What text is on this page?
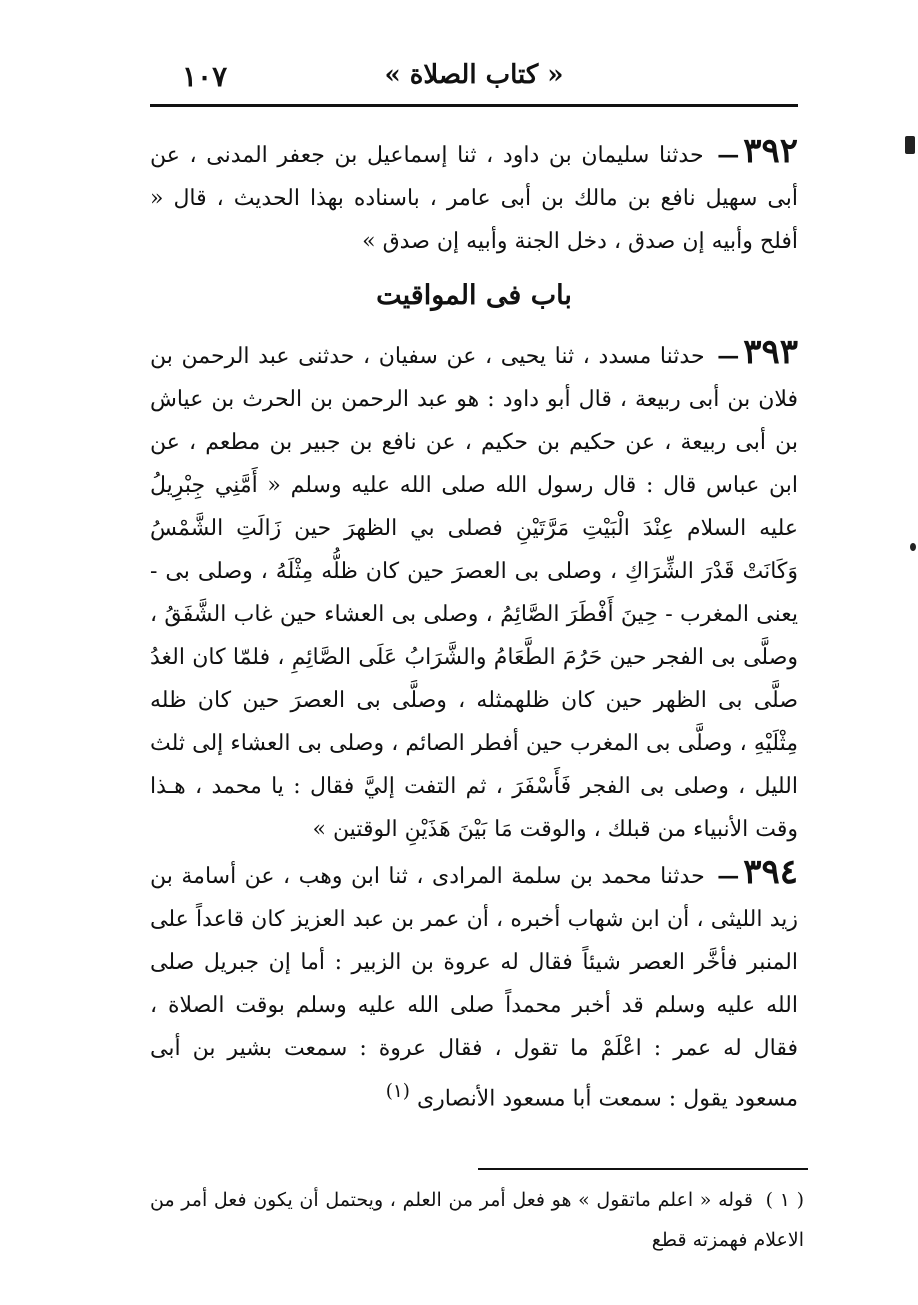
« كتاب الصلاة »
١٠٧

٣٩٢— حدثنا سليمان بن داود ، ثنا إسماعيل بن جعفر المدنى ، عن أبى سهيل نافع بن مالك بن أبى عامر ، باسناده بهذا الحديث ، قال « أفلح وأبيه إن صدق ، دخل الجنة وأبيه إن صدق »

باب فى المواقيت

٣٩٣— حدثنا مسدد ، ثنا يحيى ، عن سفيان ، حدثنى عبد الرحمن بن فلان بن أبى ربيعة ، قال أبو داود : هو عبد الرحمن بن الحرث بن عياش بن أبى ربيعة ، عن حكيم بن حكيم ، عن نافع بن جبير بن مطعم ، عن ابن عباس قال : قال رسول الله صلى الله عليه وسلم « أَمَّنِي جِبْرِيلُ عليه السلام عِنْدَ الْبَيْتِ مَرَّتَيْنِ فصلى بي الظهرَ حين زَالَتِ الشَّمْسُ وَكَانَتْ قَدْرَ الشِّرَاكِ ، وصلى بى العصرَ حين كان ظلُّه مِثْلَهُ ، وصلى بى - يعنى المغرب - حِينَ أَفْطَرَ الصَّائِمُ ، وصلى بى العشاء حين غاب الشَّفَقُ ، وصلَّى بى الفجر حين حَرُمَ الطَّعَامُ والشَّرَابُ عَلَى الصَّائِمِ ، فلمّا كان الغدُ صلَّى بى الظهر حين كان ظلهمثله ، وصلَّى بى العصرَ حين كان ظله مِثْلَيْهِ ، وصلَّى بى المغرب حين أفطر الصائم ، وصلى بى العشاء إلى ثلث الليل ، وصلى بى الفجر فَأَسْفَرَ ، ثم التفت إليَّ فقال : يا محمد ، هـذا وقت الأنبياء من قبلك ، والوقت مَا بَيْنَ هَذَيْنِ الوقتين »

٣٩٤— حدثنا محمد بن سلمة المرادى ، ثنا ابن وهب ، عن أسامة بن زيد الليثى ، أن ابن شهاب أخبره ، أن عمر بن عبد العزيز كان قاعداً على المنبر فأخَّر العصر شيئاً فقال له عروة بن الزبير : أما إن جبريل صلى الله عليه وسلم قد أخبر محمداً صلى الله عليه وسلم بوقت الصلاة ، فقال له عمر : اعْلَمْ ما تقول ، فقال عروة : سمعت بشير بن أبى مسعود يقول : سمعت أبا مسعود الأنصارى $^{(١)}$

( ١ ) قوله « اعلم ماتقول » هو فعل أمر من العلم ، ويحتمل أن يكون فعل أمر من الاعلام فهمزته قطع
